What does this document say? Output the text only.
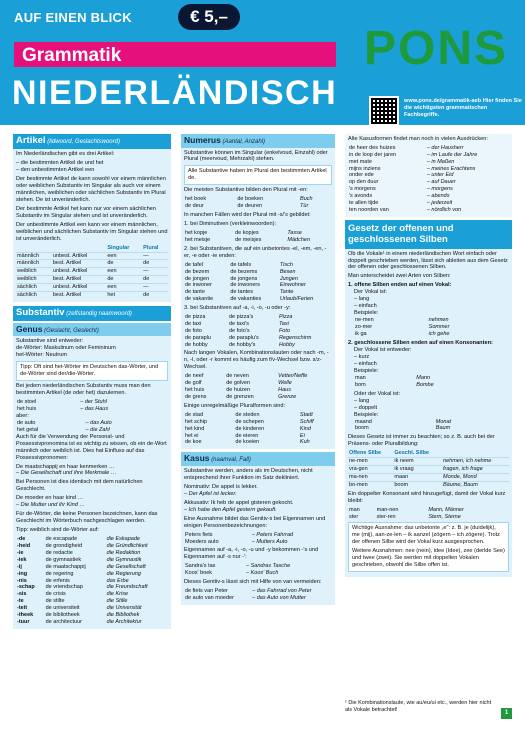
AUF EINEN BLICK	€ 5,–
Grammatik
NIEDERLÄNDISCH
PONS
www.pons.de/grammatik-aeb Hier finden Sie die wichtigsten grammatischen Fachbegriffe.
Artikel (lidwoord, Geslachtswoord)

Im Niederländischen gibt es drei Artikel:

– die bestimmten Artikel de und het

– den unbestimmten Artikel een

Der bestimmte Artikel de kann sowohl vor einem männlichen oder weiblichen Substantiv im Singular als auch vor einem männlichen, weiblichen oder sächlichen Substantiv im Plural stehen. De ist unveränderlich.

Der bestimmte Artikel het kann nur vor einem sächlichen Substantiv im Singular stehen und ist unveränderlich.

Der unbestimmte Artikel een kann vor einem männlichen, weiblichen und sächlichen Substantiv im Singular stehen und ist unveränderlich.

		Singular	Plural
männlich	unbest. Artikel	een	—
männlich	best. Artikel	de	de
weiblich	unbest. Artikel	een	—
weiblich	best. Artikel	de	de
sächlich	unbest. Artikel	een	—
sächlich	best. Artikel	het	de
Substantiv (zelfstandig naamwoord)
Genus (Geslacht, Geslecht)

Substantive sind entweder:

de-Wörter: Maskulinum oder Femininum

het-Wörter: Neutrum

Tipp: Oft sind het-Wörter im Deutschen das-Wörter, und de-Wörter sind der/die-Wörter.

Bei jedem niederländischen Substantiv muss man den bestimmten Artikel (de oder het) dazulernen.

de stoel	– der Stuhl
het huis	– das Haus

aber:

de auto	– das Auto
het getal	– die Zahl

Auch für die Verwendung der Personal- und Possessivpronomina ist es wichtig zu wissen, ob ein de-Wort männlich oder weiblich ist. Dies hat Einfluss auf das Possessivpronomen:

De maatschappij en haar kenmerken …

– Die Gesellschaft und ihre Merkmale …

Bei Personen ist dies identisch mit dem natürlichen Geschlecht.

De moeder en haar kind …

– Die Mutter und ihr Kind …

Für de-Wörter, die keine Personen bezeichnen, kann das Geschlecht im Wörterbuch nachgeschlagen werden.

Tipp: weiblich sind de-Wörter auf:

-de	de escapade	die Eskapade
-heid	de grondigheid	die Gründlichkeit
-ie	de redactie	die Redaktion
-iek	de gymnastiek	die Gymnastik
-ij	de maatschappij	die Gesellschaft
-ing	de regering	die Regierung
-nis	de erfenis	das Erbe
-schap	de vriendschap	die Freundschaft
-sis	de crisis	die Krise
-te	de stilte	die Stille
-teit	de universiteit	die Universität
-theek	de bibliotheek	die Bibliothek
-tuur	de architectuur	die Architektur
Numerus (Aantal, Anzahl)

Substantive können im Singular (enkelvoud, Einzahl) oder Plural (meervoud, Mehrzahl) stehen.

Alle Substantive haben im Plural den bestimmten Artikel de.

Die meisten Substantive bilden den Plural mit -en:

het boek	de boeken	Buch
de deur	de deuren	Tür

In manchen Fällen wird der Plural mit -s/'s gebildet:

1. bei Diminutiven (verkleinwoorden):

het kopje	de kopjes	Tasse
het meisje	de meisjes	Mädchen

2. bei Substantiven, die auf ein unbetontes -el, -em, -en, -er, -e oder -ie enden:

de tafel	de tafels	Tisch
de bezem	de bezems	Besen
de jongen	de jongens	Jungen
de inwoner	de inwoners	Einwohner
de tante	de tantes	Tante
de vakantie	de vakanties	Urlaub/Ferien

3. bei Substantiven auf -a, -i, -o, -u oder -y:

de pizza	de pizza's	Pizza
de taxi	de taxi's	Taxi
de foto	de foto's	Foto
de paraplu	de paraplu's	Regenschirm
de hobby	de hobby's	Hobby

Nach langen Vokalen, Kombinationslauten oder nach -m, -n, -l, oder -r kommt es häufig zum f/v-Wechsel bzw. s/z-Wechsel.

de neef	de neven	Vetter/Neffe
de golf	de golven	Welle
het huis	de huizen	Haus
de grens	de grenzen	Grenze

Einige unregelmäßige Pluralformen sind:

de stad	de steden	Stadt
het schip	de schepen	Schiff
het kind	de kinderen	Kind
het ei	de eieren	Ei
de koe	de koeien	Kuh
Kasus (naamval, Fall)

Substantive werden, anders als im Deutschen, nicht entsprechend ihrer Funktion im Satz dekliniert.

Nominativ: De appel is lekker.

– Der Apfel ist lecker.

Akkusativ: Ik heb de appel gisteren gekocht.

– Ich habe den Apfel gestern gekauft.

Eine Ausnahme bildet das Genitiv-s bei Eigennamen und einigen Personenbezeichnungen:

Peters fiets	– Peters Fahrrad
Moeders auto	– Mutters Auto

Eigennamen auf -a, -i, -o, -u und -y bekommen -'s und Eigennamen auf -s nur -':

Sandra's tas	– Sandras Tasche
Koos' boek	– Koos' Buch

Dieses Genitiv-s lässt sich mit Hilfe von van vermeiden:

de fiets van Peter	– das Fahrrad von Peter
de auto van moeder	– das Auto von Mutter

Alte Kasusformen findet man noch in vielen Ausdrücken:

de heer des huizes	– der Hausherr
in de loop der jaren	– im Laufe der Jahre
met mate	– in Maßen
mijns inziens	– meines Erachtens
onder ede	– unter Eid
op den duur	– auf Dauer
's morgens	– morgens
's avonds	– abends
te allen tijde	– jederzeit
ten noorden van	– nördlich von
Gesetz der offenen und geschlossenen Silben

Ob die Vokale¹ in einem niederländischen Wort einfach oder doppelt geschrieben werden, lässt sich ableiten aus dem Gesetz der offenen oder geschlossenen Silben.

Man unterscheidet zwei Arten von Silben:

1. offene Silben enden auf einen Vokal:

Der Vokal ist:

– lang

– einfach

Beispiele:

ne-men	nehmen
zo-mer	Sommer
ik ga	ich gehe

2. geschlossene Silben enden auf einen Konsonanten:

Der Vokal ist entweder:

– kurz

– einfach

Beispiele:

man	Mann
bom	Bombe

Oder der Vokal ist:

– lang

– doppelt

Beispiele:

maand	Monat
boom	Baum

Dieses Gesetz ist immer zu beachten; so z. B. auch bei der Präsens- oder Pluralbildung:

Offene Silbe	Geschl. Silbe	
ne-men	ik neem	nehmen, ich nehme
vra-gen	ik vraag	fragen, ich frage
ma-nen	maan	Monde, Mond
bo-men	boom	Bäume, Baum

Ein doppelter Konsonant wird hinzugefügt, damit der Vokal kurz bleibt:

man	man-nen	Mann, Männer
ster	ster-ren	Stern, Sterne

Wichtige Ausnahme: das unbetonte „e": z. B. je (duidelijk), me (mij), aan-ze-len – ik aanzel (zögern – ich zögere). Trotz der offenen Silbe wird der Vokal kurz ausgesprochen.

Weitere Ausnahmen: nee (nein), idee (Idee), zee (derlde See) und twee (zwei). Sie werden mit doppelten Vokalen geschrieben, obwohl die Silbe offen ist.

¹ Die Kombinationslaute, wie au/eu/ui etc., werden hier nicht als Vokale betrachtet!
1
